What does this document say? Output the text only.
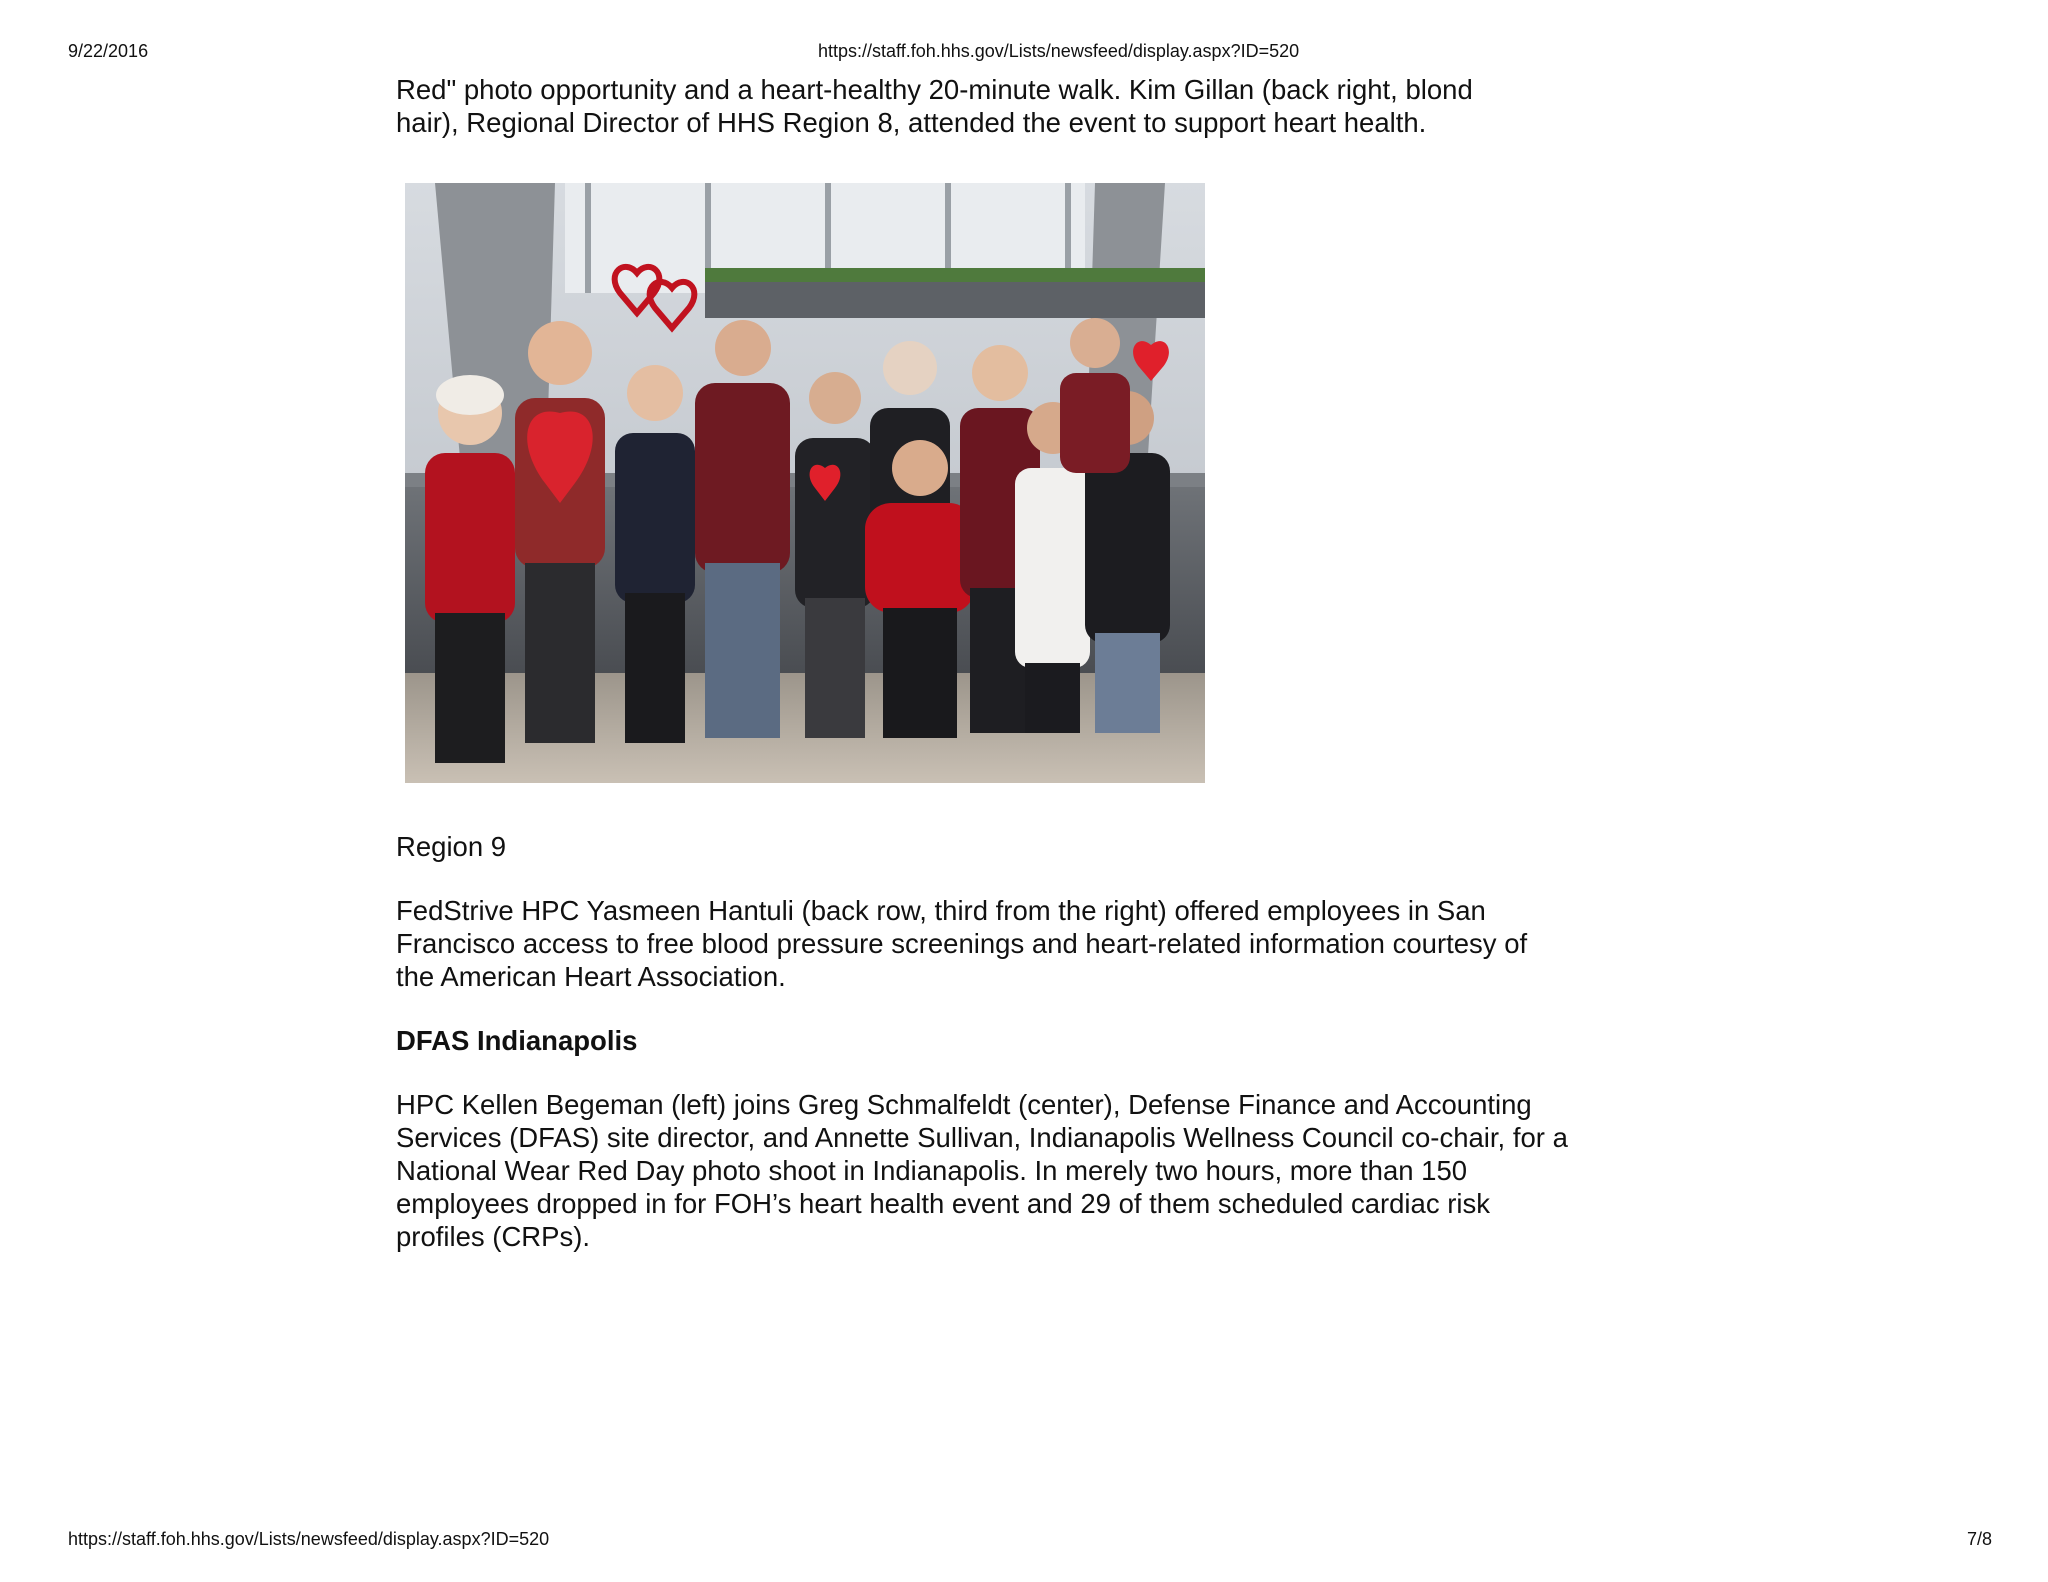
9/22/2016	https://staff.foh.hhs.gov/Lists/newsfeed/display.aspx?ID=520

Red" photo opportunity and a heart-healthy 20-minute walk. Kim Gillan (back right, blond

hair), Regional Director of HHS Region 8, attended the event to support heart health.

Region 9

FedStrive HPC Yasmeen Hantuli (back row, third from the right) offered employees in San

Francisco access to free blood pressure screenings and heart-related information courtesy of

the American Heart Association.

DFAS Indianapolis

HPC Kellen Begeman (left) joins Greg Schmalfeldt (center), Defense Finance and Accounting

Services (DFAS) site director, and Annette Sullivan, Indianapolis Wellness Council co-chair, for a

National Wear Red Day photo shoot in Indianapolis. In merely two hours, more than 150

employees dropped in for FOH’s heart health event and 29 of them scheduled cardiac risk

profiles (CRPs).

https://staff.foh.hhs.gov/Lists/newsfeed/display.aspx?ID=520	7/8
